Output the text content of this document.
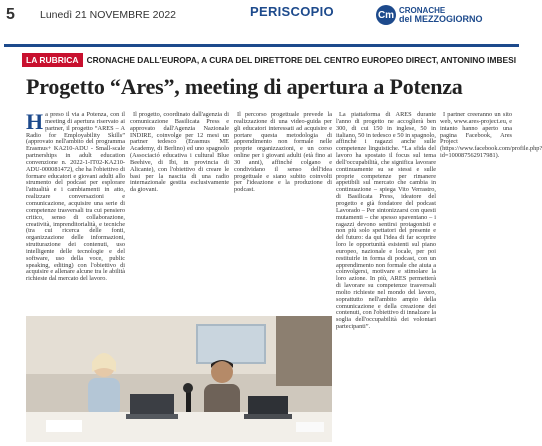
5 Lunedì 21 NOVEMBRE 2022	PERISCOPIO	Cm CRONACHE
del MEZZOGIORNO
LA RUBRICA CRONACHE DALL'EUROPA, A CURA DEL DIRETTORE DEL CENTRO EUROPEO DIRECT, ANTONINO IMBESI
Progetto “Ares”, meeting di apertura a Potenza
H a preso il via a Potenza, con il meeting di apertura riservato ai partner, il progetto “ARES – A Radio for Employability Skills” (approvato nell'ambito del programma Erasmus+ KA210-ADU - Small-scale partnerships in adult education convenzione n. 2022-1-IT02-KA210-ADU-000081472), che ha l'obiettivo di formare educatori e giovani adulti allo strumento del podcast per esplorare l'attualità e i cambiamenti in atto, realizzare conversazioni e comunicazione, acquisire una serie di competenze trasversali tra cui pensiero critico, senso di collaborazione, creatività, imprenditorialità, e tecniche (tra cui ricerca delle fonti, organizzazione delle informazioni, strutturazione dei contenuti, uso intelligente delle tecnologie e del software, uso della voce, public speaking, editing) con l'obiettivo di acquisire e allenare alcune tra le abilità richieste dal mercato del lavoro.

Il progetto, coordinato dall'agenzia di comunicazione Basilicata Press e approvato dall'Agenzia Nazionale INDIRE, coinvolge per 12 mesi un partner tedesco (Erasmus ME Academy, di Berlino) ed uno spagnolo (Associació educativa i cultural Blue Beehive, di Ibi, in provincia di Alicante), con l'obiettivo di creare le basi per la nascita di una radio internazionale gestita esclusivamente da giovani.

Il percorso progettuale prevede la realizzazione di una video-guida per gli educatori interessati ad acquisire e portare questa metodologia di apprendimento non formale nelle proprie organizzazioni, e un corso online per i giovani adulti (età fino ai 30 anni), affinché colgano e condividano il senso dell'idea progettuale e siano subito coinvolti per l'ideazione e la produzione di podcast.

La piattaforma di ARES durante l'anno di progetto ne accoglierà ben 300, di cui 150 in inglese, 50 in italiano, 50 in tedesco e 50 in spagnolo, affinché i ragazzi anche sulle competenze linguistiche. “La sfida del lavoro ha spostato il focus sul tema dell'occupabilità, che significa lavorare continuamente su se stessi e sulle proprie competenze per rimanere appetibili sul mercato che cambia in continuazione – spiega Vito Verrastro, di Basilicata Press, ideatore del progetto e già fondatore del podcast Lavorado – Per sintonizzarsi con questi mutamenti – che spesso spaventano – i ragazzi devono sentirsi protagonisti e non più solo spettatori del presente e del futuro: da qui l'idea di far scoprire loro le opportunità esistenti sul piano europeo, nazionale e locale, per poi restituirle in forma di podcast, con un apprendimento non formale che aiuta a coinvolgersi, motivare e stimolare la loro azione. In più, ARES permetterà di lavorare su competenze trasversali molto richieste nel mondo del lavoro, soprattutto nell'ambito ampio della comunicazione e della creazione dei contenuti, con l'obiettivo di innalzare la soglia dell'occupabilità dei volontari partecipanti”.

I partner creeranno un sito web, www.ares-project.eu, e intanto hanno aperto una pagina Facebook, Ares Project (https://www.facebook.com/profile.php?id=100087562917981).
